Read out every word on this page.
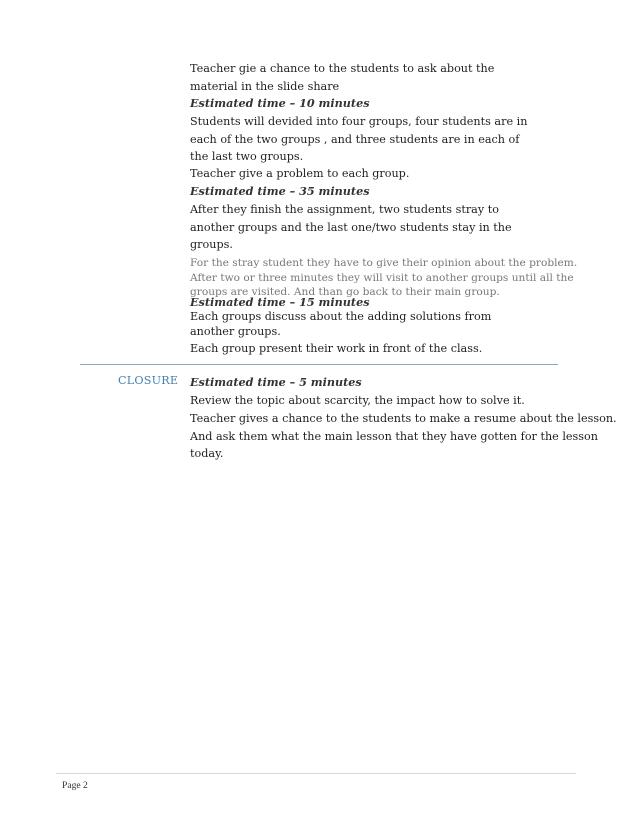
Teacher gie a chance to the students to ask about the
material in the slide share
Estimated time – 10 minutes
Students will devided into four groups, four students are in
each of the two groups , and three students are in each of
the last two groups.
Teacher give a problem to each group.
Estimated time – 35 minutes
After they finish the assignment, two students stray to
another groups and the last one/two students stay in the
groups.
For the stray student they have to give their opinion about the problem.
After two or three minutes they will visit to another groups until all the
groups are visited. And than go back to their main group.
Estimated time – 15 minutes
Each groups discuss about the adding solutions from
another groups.
Each group present their work in front of the class.
CLOSURE Estimated time – 5 minutes
Review the topic about scarcity, the impact how to solve it.
Teacher gives a chance to the students to make a resume about the lesson.
And ask them what the main lesson that they have gotten for the lesson
today.
Page 2
